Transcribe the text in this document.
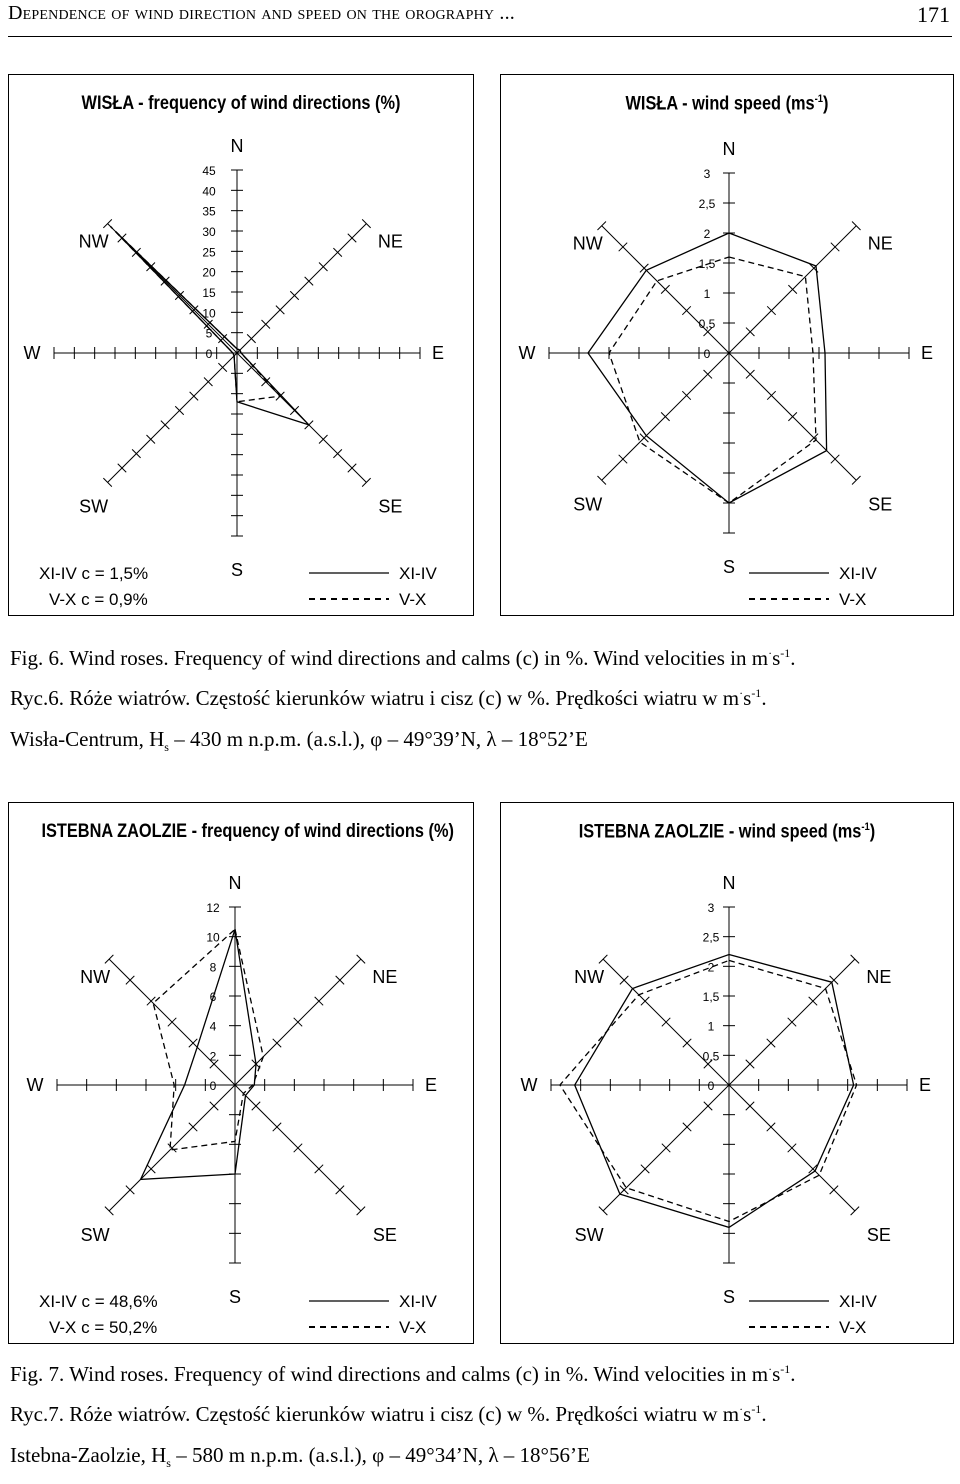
Dependence of wind direction and speed on the orography ...	171
WISŁA - frequency of wind directions (%)
0
5
10
15
20
25
30
35
40
45
N
NE
E
SE
S
SW
W
NW
XI-IV
V-X
XI-IV c = 1,5%
V-X c = 0,9%
WISŁA - wind speed $(ms^{-1})$
0
0,5
1
1,5
2
2,5
3
N
NE
E
SE
S
SW
W
NW
XI-IV
V-X
Fig. 6. Wind roses. Frequency of wind directions and calms (c) in %. Wind velocities in $m^\cdot s^{-1}$.
Ryc.6. Róże wiatrów. Częstość kierunków wiatru i cisz (c) w %. Prędkości wiatru w $m^\cdot s^{-1}$.
Wisła-Centrum, $H_s - 430$ m n.p.m. (a.s.l.), φ – 49°39’N, λ – 18°52’E
ISTEBNA ZAOLZIE - frequency of wind directions (%)
0
2
4
6
8
10
12
N
NE
E
SE
S
SW
W
NW
XI-IV
V-X
XI-IV c = 48,6%
V-X c = 50,2%
ISTEBNA ZAOLZIE - wind speed $(ms^{-1})$
0
0,5
1
1,5
2
2,5
3
N
NE
E
SE
S
SW
W
NW
XI-IV
V-X
Fig. 7. Wind roses. Frequency of wind directions and calms (c) in %. Wind velocities in $m^\cdot s^{-1}$.
Ryc.7. Róże wiatrów. Częstość kierunków wiatru i cisz (c) w %. Prędkości wiatru w $m^\cdot s^{-1}$.
Istebna-Zaolzie, $H_s - 580$ m n.p.m. (a.s.l.), φ – 49°34’N, λ – 18°56’E
